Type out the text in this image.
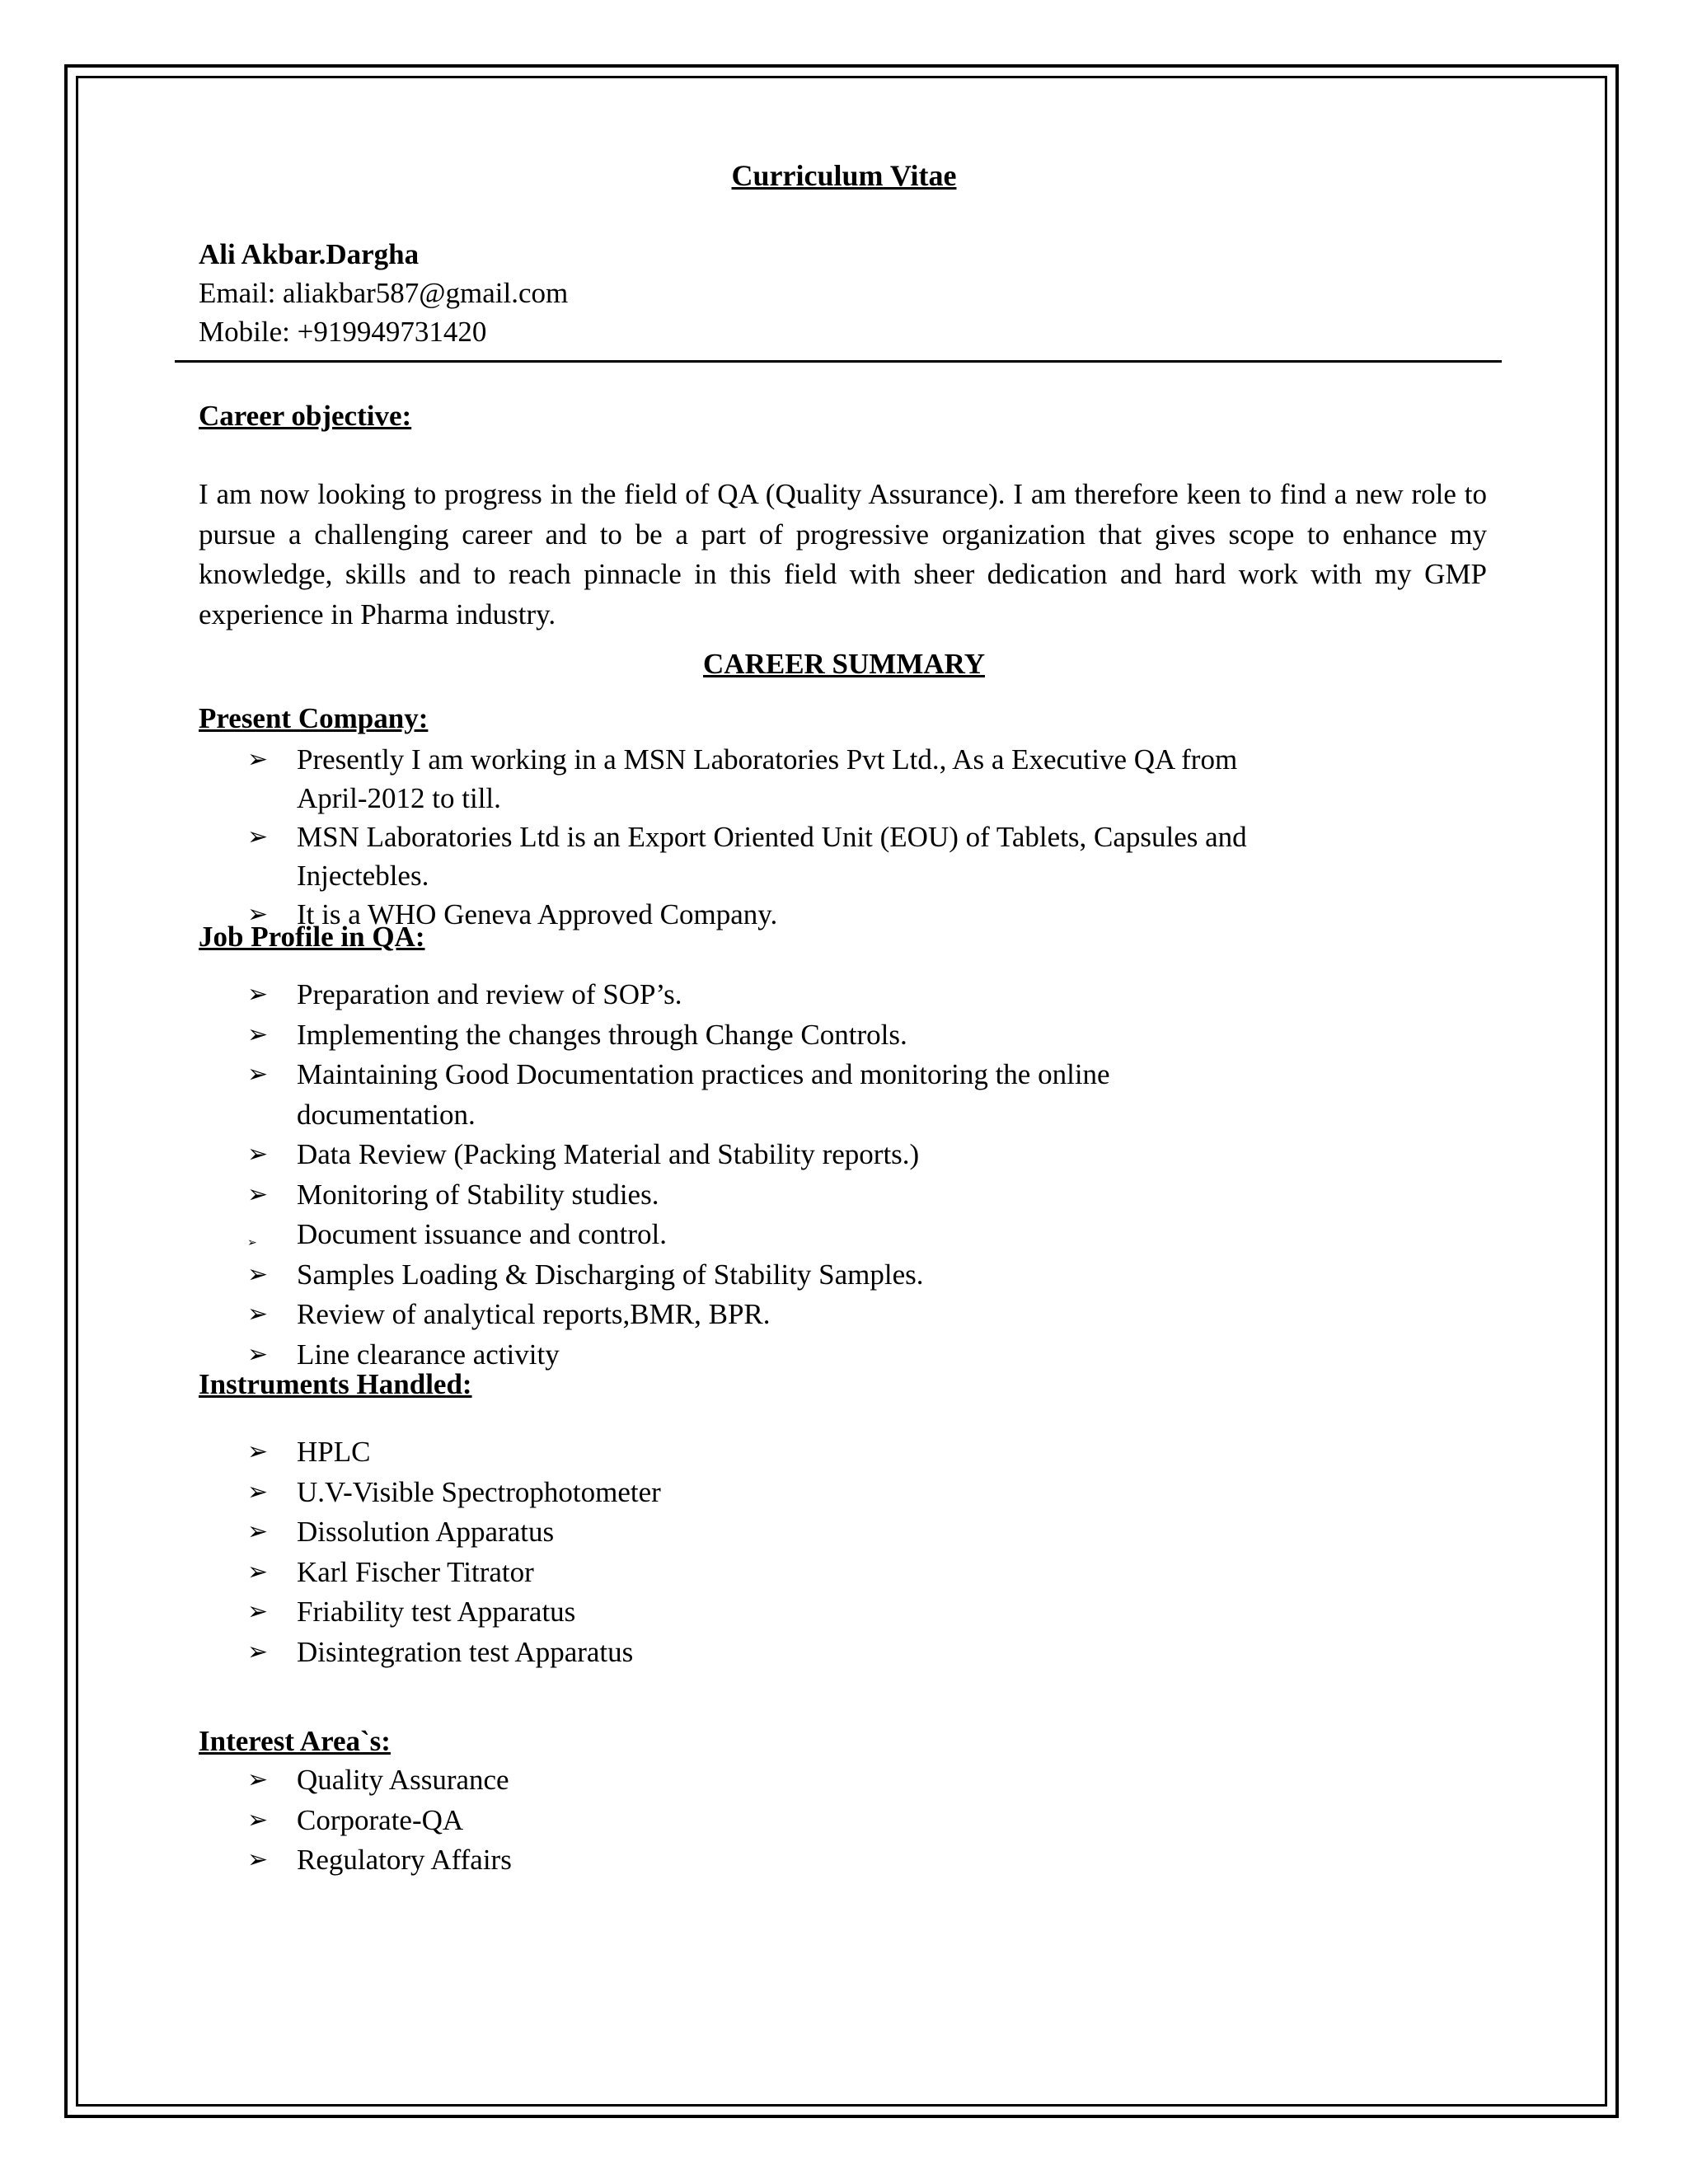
Curriculum Vitae
Ali Akbar.Dargha
Email: aliakbar587@gmail.com
Mobile: +919949731420
Career objective:
I am now looking to progress in the field of QA (Quality Assurance). I am therefore keen to find a new role to pursue a challenging career and to be a part of progressive organization that gives scope to enhance my knowledge, skills and to reach pinnacle in this field with sheer dedication and hard work with my GMP experience in Pharma industry.
CAREER SUMMARY
Present Company:
➢ Presently I am working in a MSN Laboratories Pvt Ltd., As a Executive QA from April-2012 to till.
➢ MSN Laboratories Ltd is an Export Oriented Unit (EOU) of Tablets, Capsules and Injectebles.
➢ It is a WHO Geneva Approved Company.
Job Profile in QA:
➢ Preparation and review of SOP’s.
➢ Implementing the changes through Change Controls.
➢ Maintaining Good Documentation practices and monitoring the online documentation.
➢ Data Review (Packing Material and Stability reports.)
➢ Monitoring of Stability studies.
➢ Document issuance and control.
➢ Samples Loading & Discharging of Stability Samples.
➢ Review of analytical reports,BMR, BPR.
➢ Line clearance activity
Instruments Handled:
➢ HPLC
➢ U.V-Visible Spectrophotometer
➢ Dissolution Apparatus
➢ Karl Fischer Titrator
➢ Friability test Apparatus
➢ Disintegration test Apparatus
Interest Area`s:
➢ Quality Assurance
➢ Corporate-QA
➢ Regulatory Affairs
